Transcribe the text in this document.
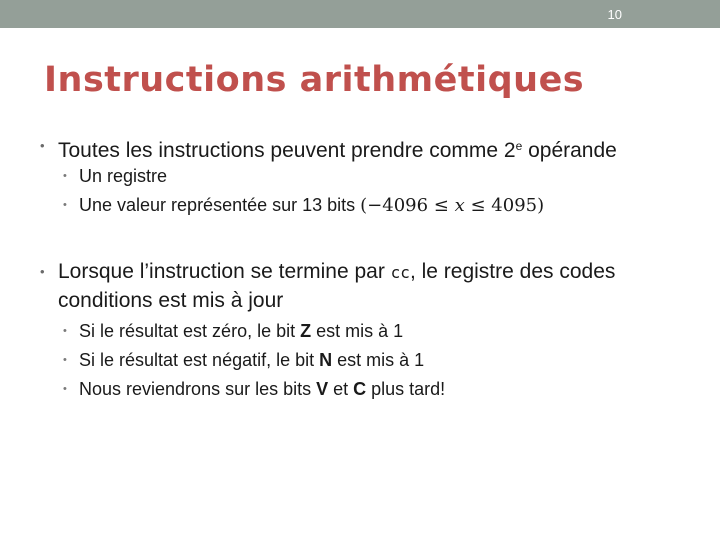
10
Instructions arithmétiques
• Toutes les instructions peuvent prendre comme 2e opérande
• Un registre
• Une valeur représentée sur 13 bits (−4096 ≤ x ≤ 4095)
• Lorsque l’instruction se termine par cc, le registre des codes conditions est mis à jour
• Si le résultat est zéro, le bit Z est mis à 1
• Si le résultat est négatif, le bit N est mis à 1
• Nous reviendrons sur les bits V et C plus tard!
